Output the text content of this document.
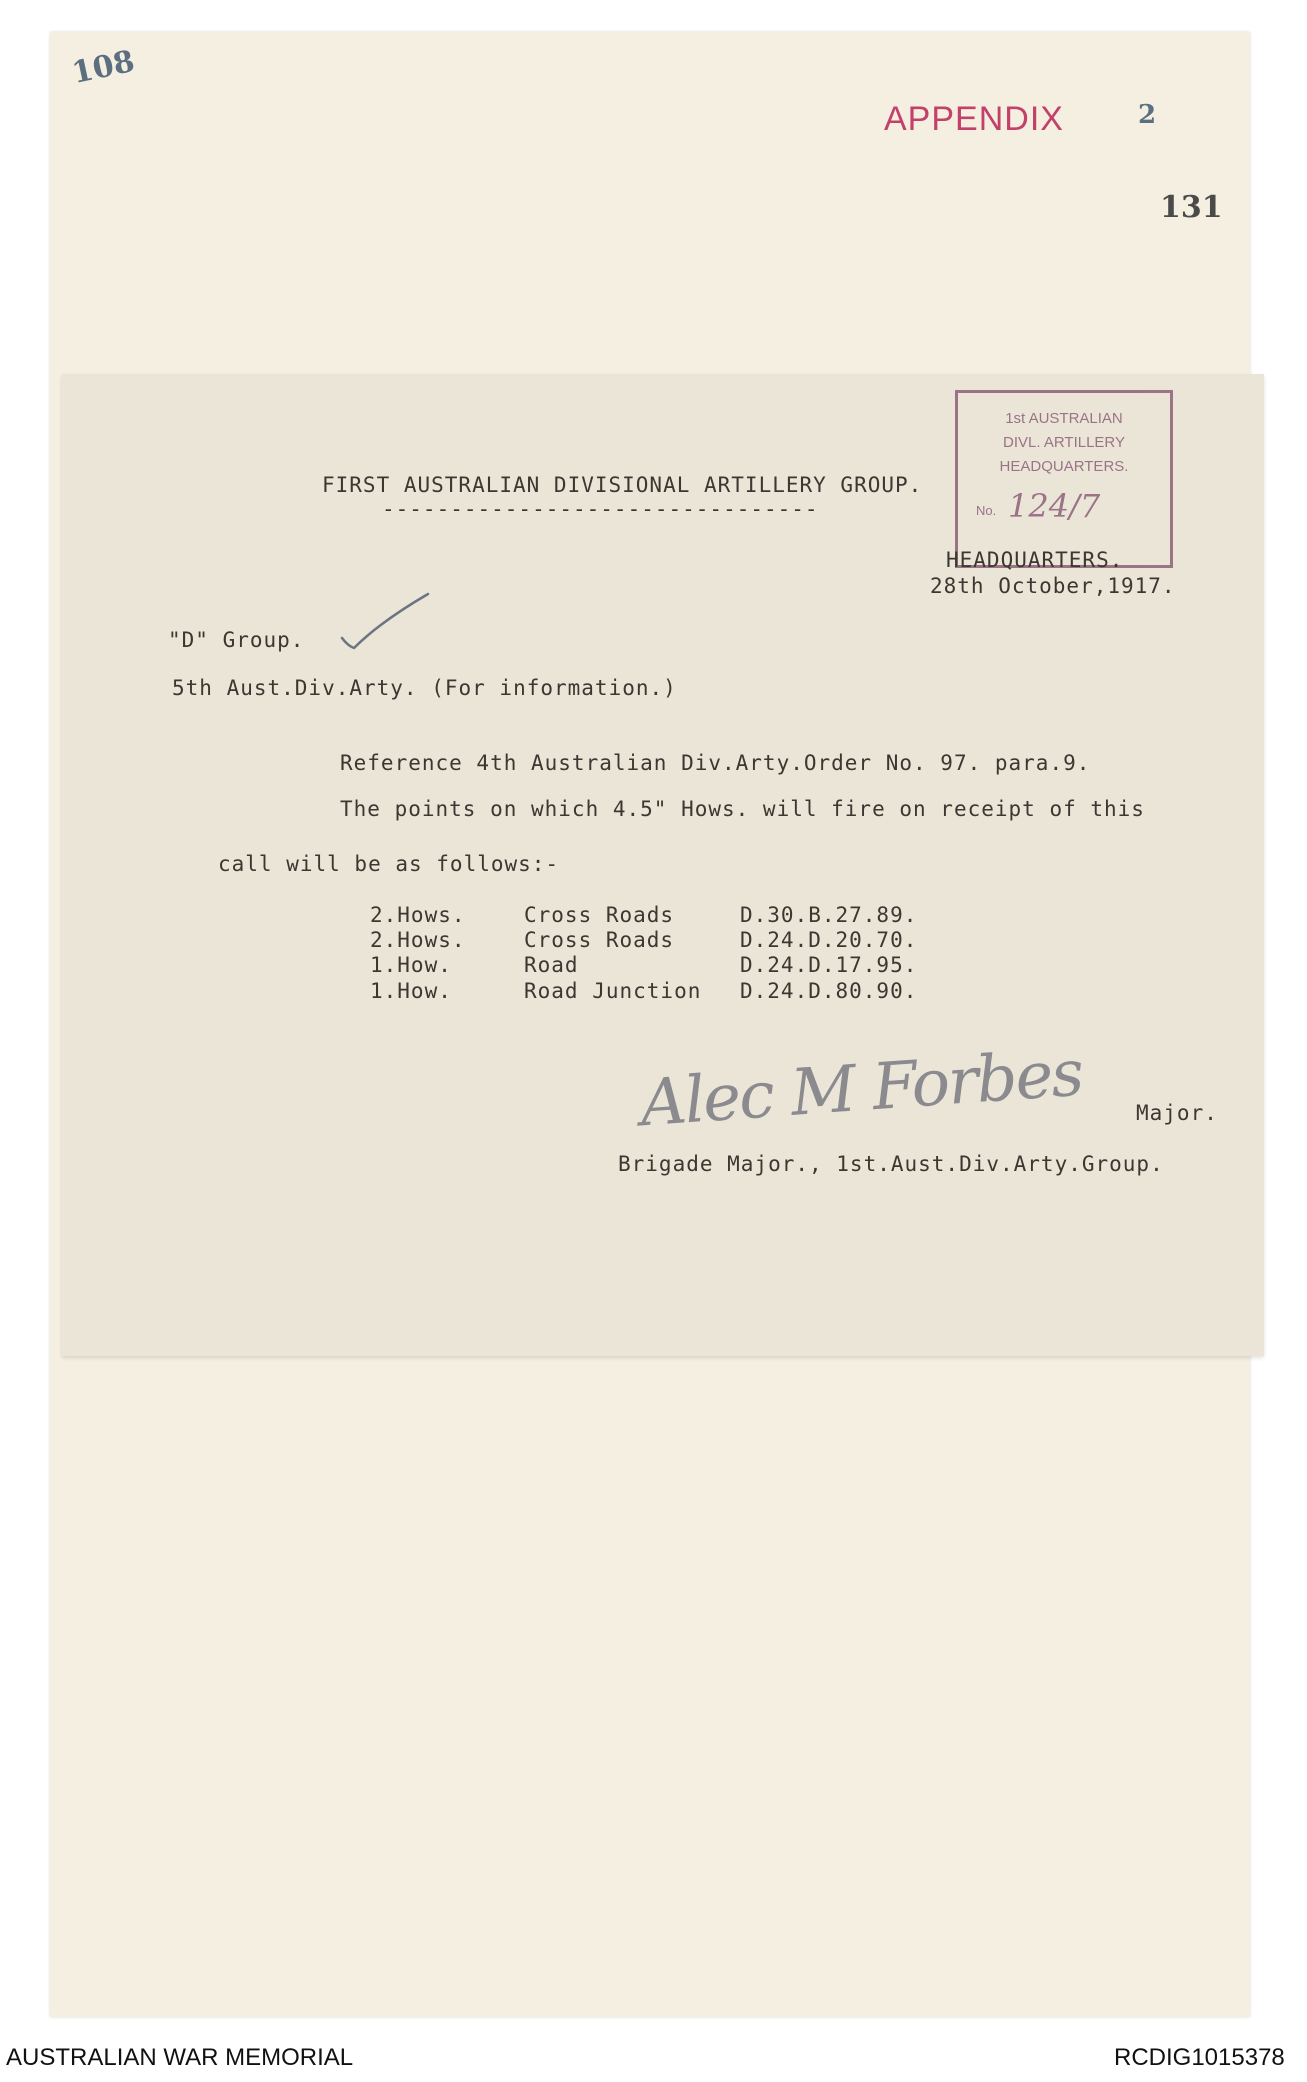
108
APPENDIX	2
131
1st AUSTRALIAN
DIVL. ARTILLERY
HEADQUARTERS.
No. 124/7
FIRST AUSTRALIAN DIVISIONAL ARTILLERY GROUP.
--------------------------------
HEADQUARTERS.
28th October,1917.
"D" Group.
5th Aust.Div.Arty. (For information.)
Reference 4th Australian Div.Arty.Order No. 97. para.9.
The points on which 4.5" Hows. will fire on receipt of this
call will be as follows:-
2.Hows.	Cross Roads	D.30.B.27.89.
2.Hows.	Cross Roads	D.24.D.20.70.
1.How.	Road	D.24.D.17.95.
1.How.	Road Junction D.24.D.80.90.
Alec M Forbes Major.
Brigade Major., 1st.Aust.Div.Arty.Group.
AUSTRALIAN WAR MEMORIAL	RCDIG1015378
